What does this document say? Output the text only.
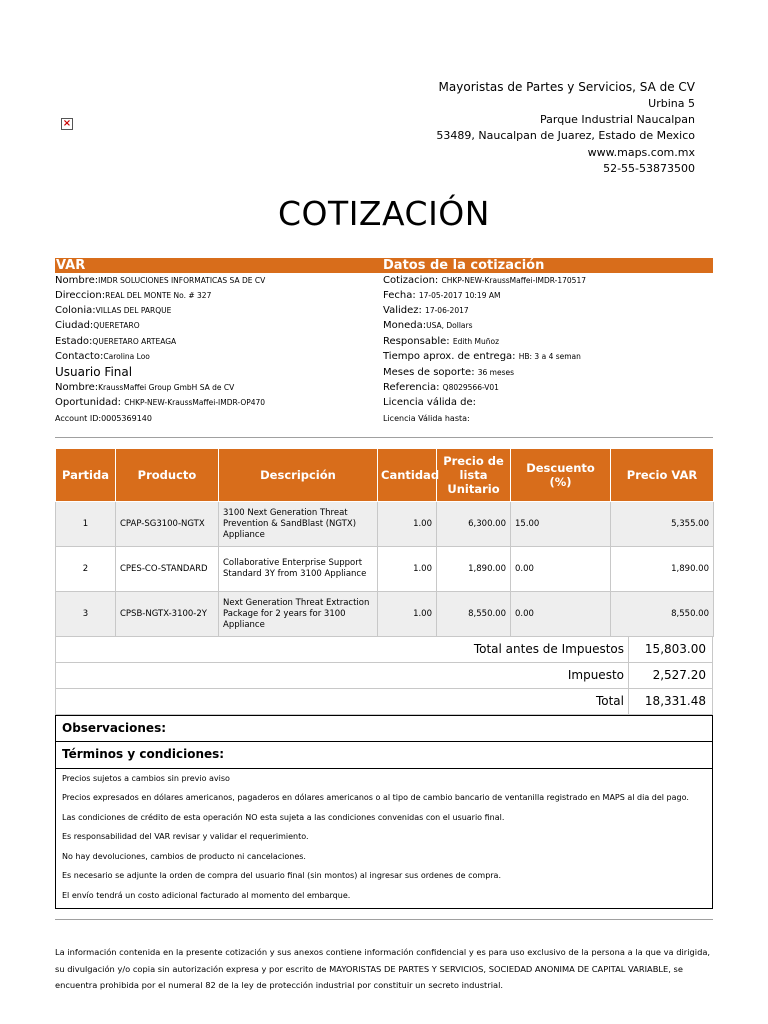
×
Mayoristas de Partes y Servicios, SA de CV
Urbina 5
Parque Industrial Naucalpan
53489, Naucalpan de Juarez, Estado de Mexico
www.maps.com.mx
52-55-53873500
COTIZACIÓN
VAR	Datos de la cotización
Nombre:IMDR SOLUCIONES INFORMATICAS SA DE CV
Direccion:REAL DEL MONTE No. # 327
Colonia:VILLAS DEL PARQUE
Ciudad:QUERETARO
Estado:QUERETARO ARTEAGA
Contacto:Carolina Loo
Usuario Final
Nombre:KraussMaffei Group GmbH SA de CV
Oportunidad: CHKP-NEW-KraussMaffei-IMDR-OP470
Account ID:0005369140
Cotizacion: CHKP-NEW-KraussMaffei-IMDR-170517
Fecha: 17-05-2017 10:19 AM
Validez: 17-06-2017
Moneda:USA, Dollars
Responsable: Edith Muñoz
Tiempo aprox. de entrega: HB: 3 a 4 seman
Meses de soporte: 36 meses
Referencia: Q8029566-V01
Licencia válida de:
Licencia Válida hasta:
Partida	Producto	Descripción	Cantidad	Precio de lista Unitario	Descuento (%)	Precio VAR
1	CPAP-SG3100-NGTX	3100 Next Generation Threat Prevention & SandBlast (NGTX) Appliance	1.00	6,300.00	15.00	5,355.00
2	CPES-CO-STANDARD	Collaborative Enterprise Support Standard 3Y from 3100 Appliance	1.00	1,890.00	0.00	1,890.00
3	CPSB-NGTX-3100-2Y	Next Generation Threat Extraction Package for 2 years for 3100 Appliance	1.00	8,550.00	0.00	8,550.00
Total antes de Impuestos 15,803.00
Impuesto 2,527.20
Total 18,331.48
Observaciones:
Términos y condiciones:
Precios sujetos a cambios sin previo aviso
Precios expresados en dólares americanos, pagaderos en dólares americanos o al tipo de cambio bancario de ventanilla registrado en MAPS al dia del pago.
Las condiciones de crédito de esta operación NO esta sujeta a las condiciones convenidas con el usuario final.
Es responsabilidad del VAR revisar y validar el requerimiento.
No hay devoluciones, cambios de producto ni cancelaciones.
Es necesario se adjunte la orden de compra del usuario final (sin montos) al ingresar sus ordenes de compra.
El envío tendrá un costo adicional facturado al momento del embarque.
La información contenida en la presente cotización y sus anexos contiene información confidencial y es para uso exclusivo de la persona a la que va dirigida, su divulgación y/o copia sin autorización expresa y por escrito de MAYORISTAS DE PARTES Y SERVICIOS, SOCIEDAD ANONIMA DE CAPITAL VARIABLE, se encuentra prohibida por el numeral 82 de la ley de protección industrial por constituir un secreto industrial.
